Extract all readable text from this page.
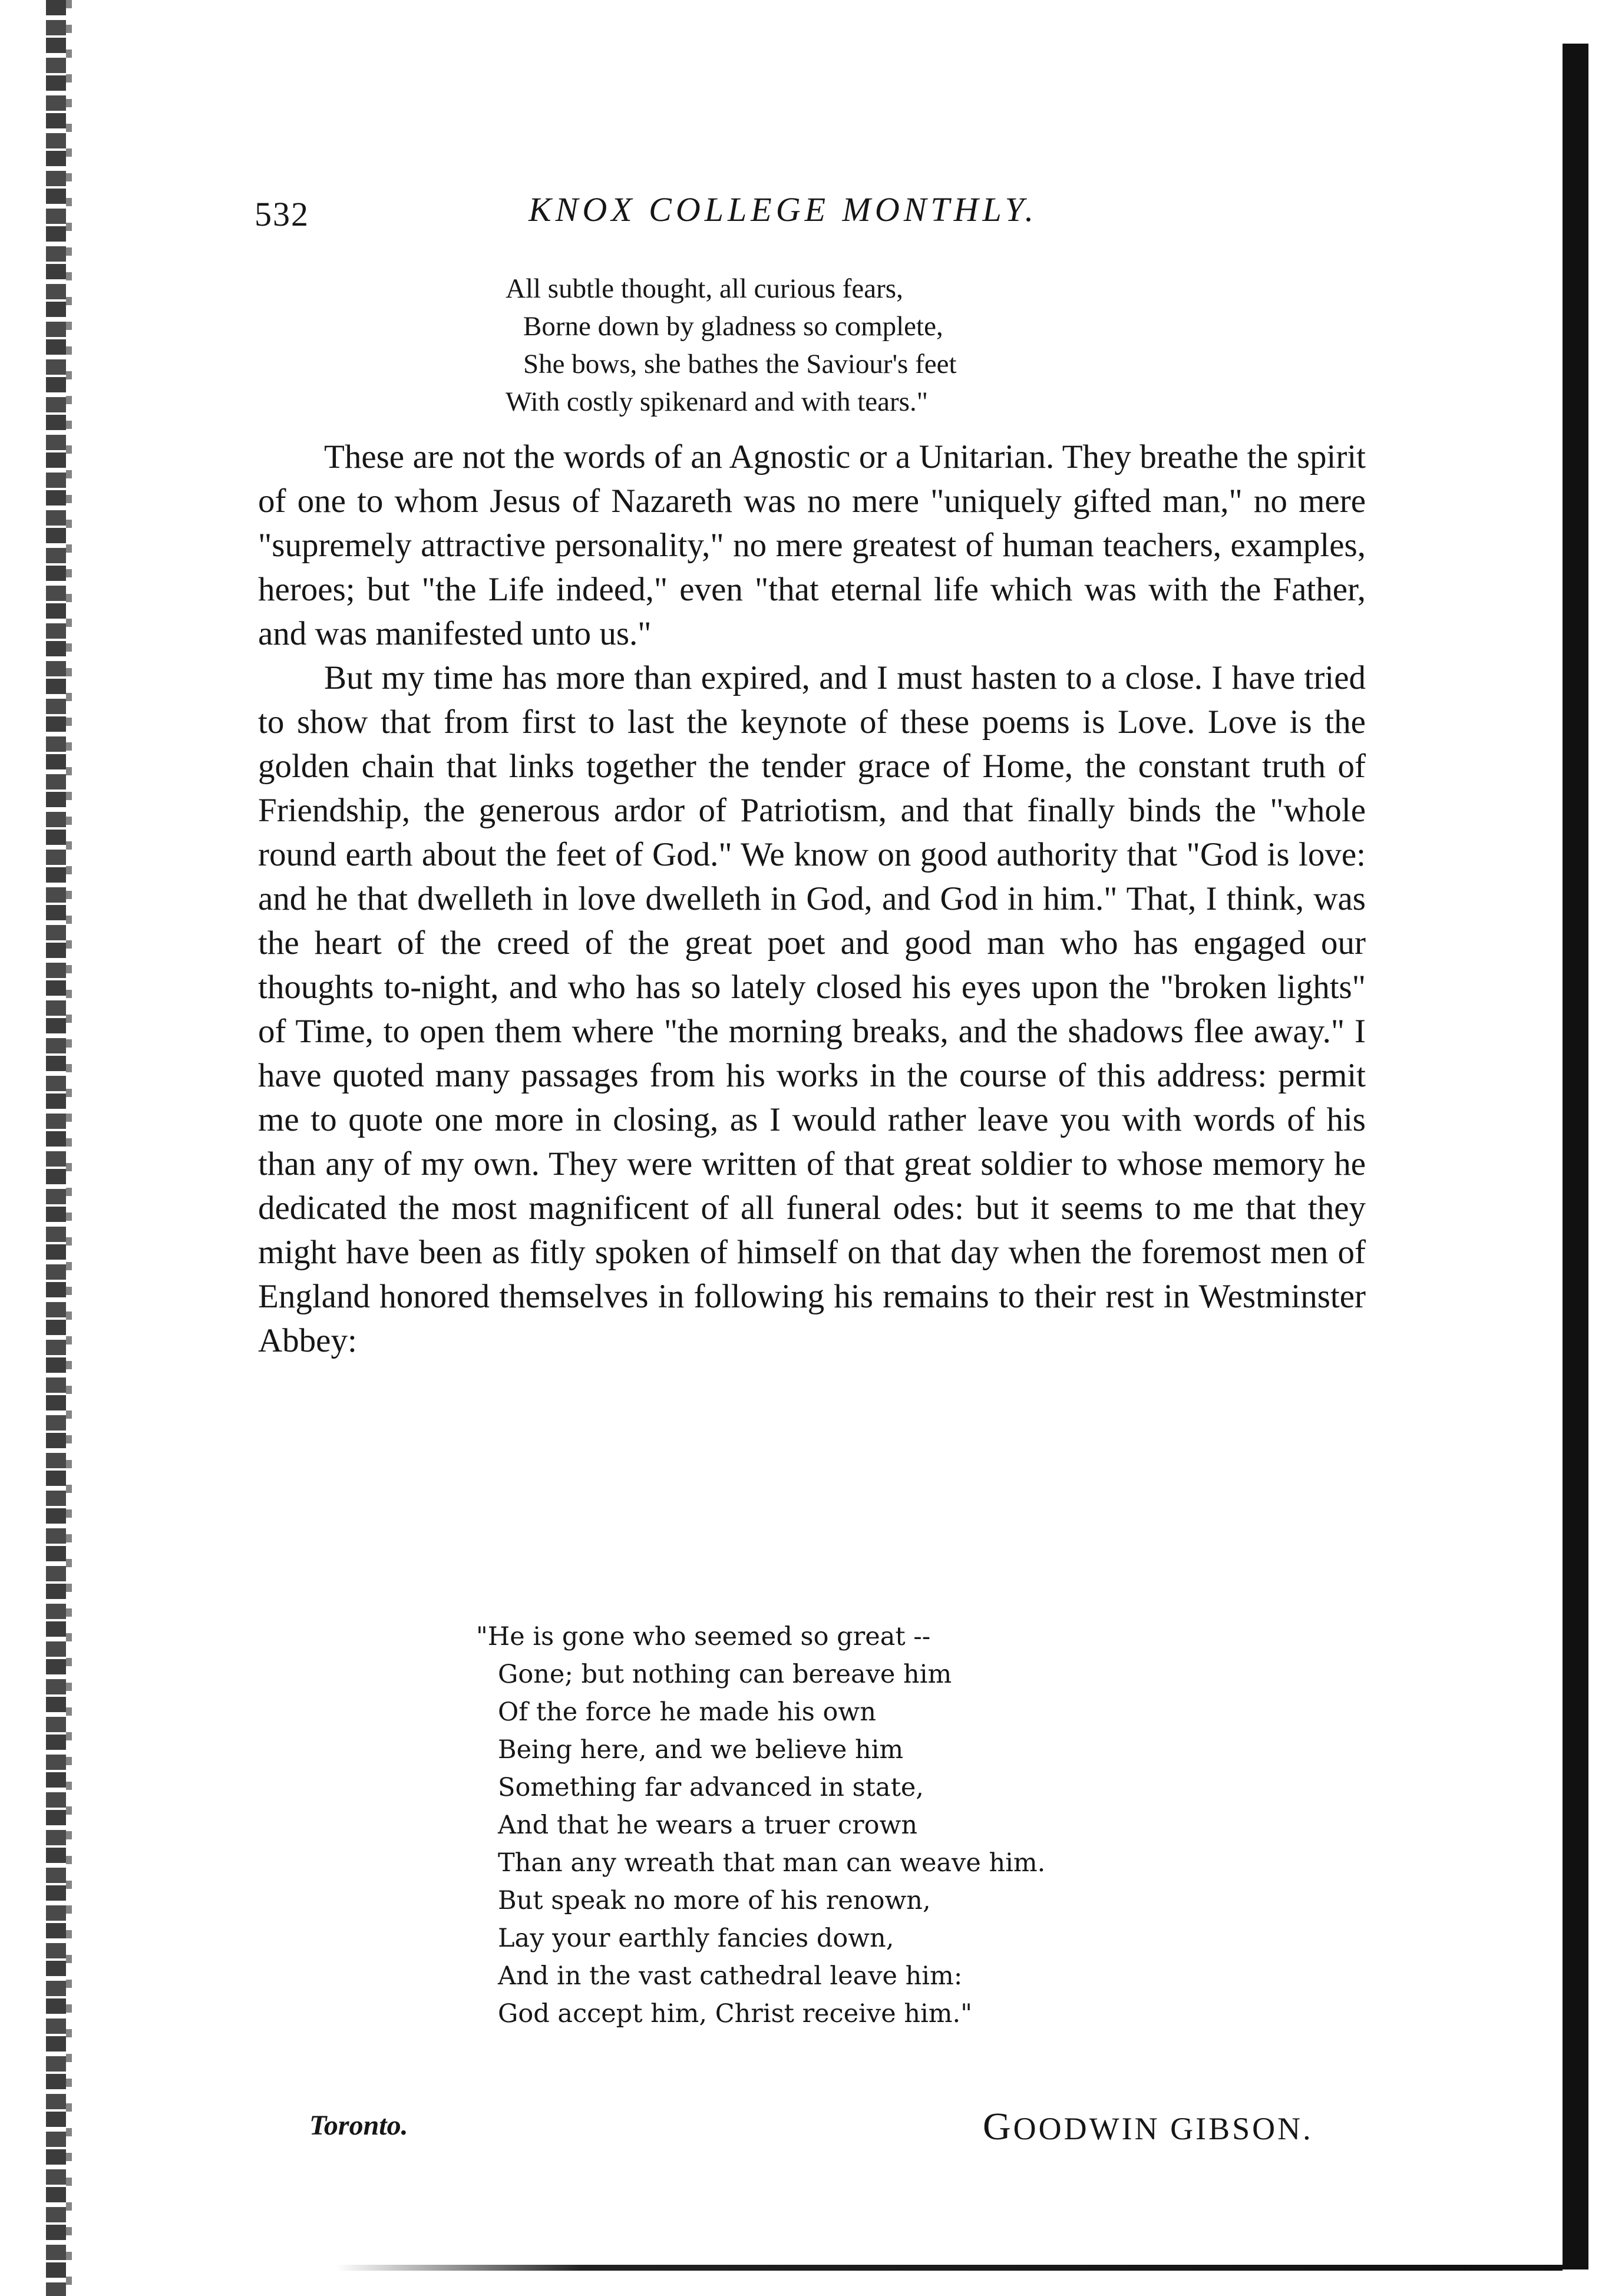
532	KNOX COLLEGE MONTHLY.
All subtle thought, all curious fears,
Borne down by gladness so complete,
She bows, she bathes the Saviour's feet
With costly spikenard and with tears."

These are not the words of an Agnostic or a Unitarian. They breathe the spirit of one to whom Jesus of Nazareth was no mere "uniquely gifted man," no mere "supremely attractive personality," no mere greatest of human teachers, examples, heroes; but "the Life indeed," even "that eternal life which was with the Father, and was manifested unto us."

But my time has more than expired, and I must hasten to a close. I have tried to show that from first to last the keynote of these poems is Love. Love is the golden chain that links together the tender grace of Home, the constant truth of Friendship, the generous ardor of Patriotism, and that finally binds the "whole round earth about the feet of God." We know on good authority that "God is love: and he that dwelleth in love dwelleth in God, and God in him." That, I think, was the heart of the creed of the great poet and good man who has engaged our thoughts to-night, and who has so lately closed his eyes upon the "broken lights" of Time, to open them where "the morning breaks, and the shadows flee away." I have quoted many passages from his works in the course of this address: permit me to quote one more in closing, as I would rather leave you with words of his than any of my own. They were written of that great soldier to whose memory he dedicated the most magnificent of all funeral odes: but it seems to me that they might have been as fitly spoken of himself on that day when the foremost men of England honored themselves in following his remains to their rest in Westminster Abbey:

"He is gone who seemed so great --
Gone; but nothing can bereave him
Of the force he made his own
Being here, and we believe him
Something far advanced in state,
And that he wears a truer crown
Than any wreath that man can weave him.
But speak no more of his renown,
Lay your earthly fancies down,
And in the vast cathedral leave him:
God accept him, Christ receive him."
Toronto.	GOODWIN GIBSON.
